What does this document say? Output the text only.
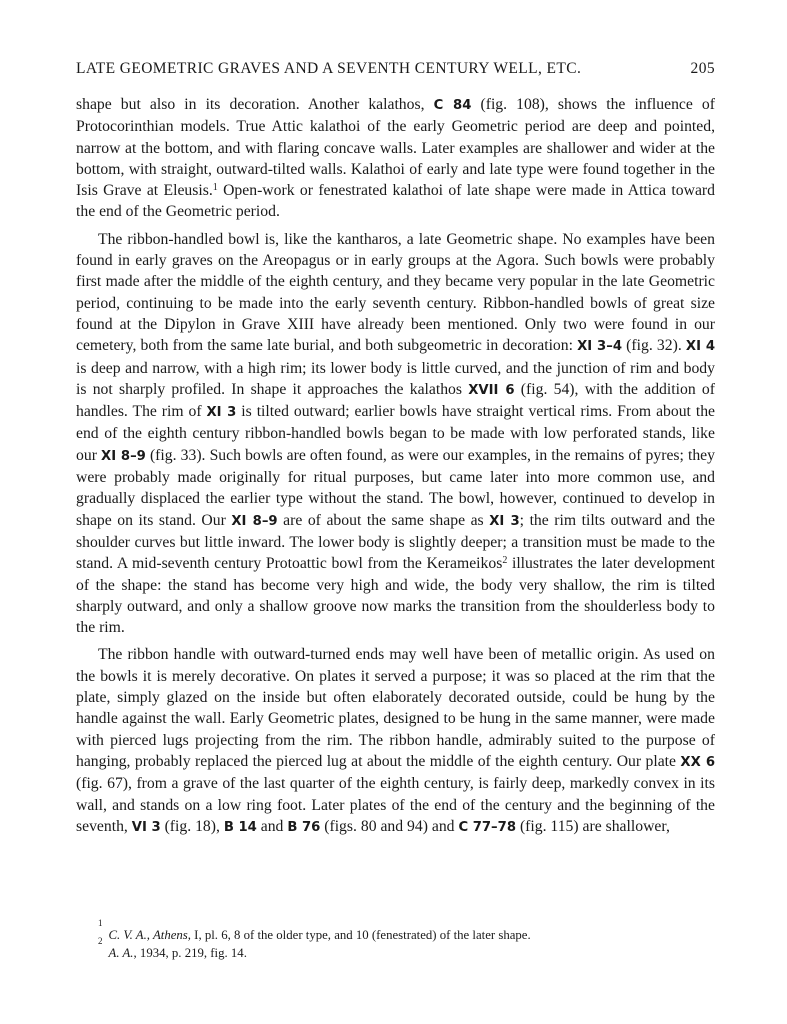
LATE GEOMETRIC GRAVES AND A SEVENTH CENTURY WELL, ETC.	205

shape but also in its decoration. Another kalathos, C 84 (fig. 108), shows the influence of Protocorinthian models. True Attic kalathoi of the early Geometric period are deep and pointed, narrow at the bottom, and with flaring concave walls. Later examples are shallower and wider at the bottom, with straight, outward-tilted walls. Kalathoi of early and late type were found together in the Isis Grave at Eleusis.$^1$ Open-work or fenestrated kalathoi of late shape were made in Attica toward the end of the Geometric period.

The ribbon-handled bowl is, like the kantharos, a late Geometric shape. No examples have been found in early graves on the Areopagus or in early groups at the Agora. Such bowls were probably first made after the middle of the eighth century, and they became very popular in the late Geometric period, continuing to be made into the early seventh century. Ribbon-handled bowls of great size found at the Dipylon in Grave XIII have already been mentioned. Only two were found in our cemetery, both from the same late burial, and both subgeometric in decoration: XI 3–4 (fig. 32). XI 4 is deep and narrow, with a high rim; its lower body is little curved, and the junction of rim and body is not sharply profiled. In shape it approaches the kalathos XVII 6 (fig. 54), with the addition of handles. The rim of XI 3 is tilted outward; earlier bowls have straight vertical rims. From about the end of the eighth century ribbon-handled bowls began to be made with low perforated stands, like our XI 8–9 (fig. 33). Such bowls are often found, as were our examples, in the remains of pyres; they were probably made originally for ritual purposes, but came later into more common use, and gradually displaced the earlier type without the stand. The bowl, however, continued to develop in shape on its stand. Our XI 8–9 are of about the same shape as XI 3; the rim tilts outward and the shoulder curves but little inward. The lower body is slightly deeper; a transition must be made to the stand. A mid-seventh century Protoattic bowl from the Kerameikos$^2$ illustrates the later development of the shape: the stand has become very high and wide, the body very shallow, the rim is tilted sharply outward, and only a shallow groove now marks the transition from the shoulderless body to the rim.

The ribbon handle with outward-turned ends may well have been of metallic origin. As used on the bowls it is merely decorative. On plates it served a purpose; it was so placed at the rim that the plate, simply glazed on the inside but often elaborately decorated outside, could be hung by the handle against the wall. Early Geometric plates, designed to be hung in the same manner, were made with pierced lugs projecting from the rim. The ribbon handle, admirably suited to the purpose of hanging, probably replaced the pierced lug at about the middle of the eighth century. Our plate XX 6 (fig. 67), from a grave of the last quarter of the eighth century, is fairly deep, markedly convex in its wall, and stands on a low ring foot. Later plates of the end of the century and the beginning of the seventh, VI 3 (fig. 18), B 14 and B 76 (figs. 80 and 94) and C 77–78 (fig. 115) are shallower,

1
C. V. A., Athens, I, pl. 6, 8 of the older type, and 10 (fenestrated) of the later shape.
2
A. A., 1934, p. 219, fig. 14.
